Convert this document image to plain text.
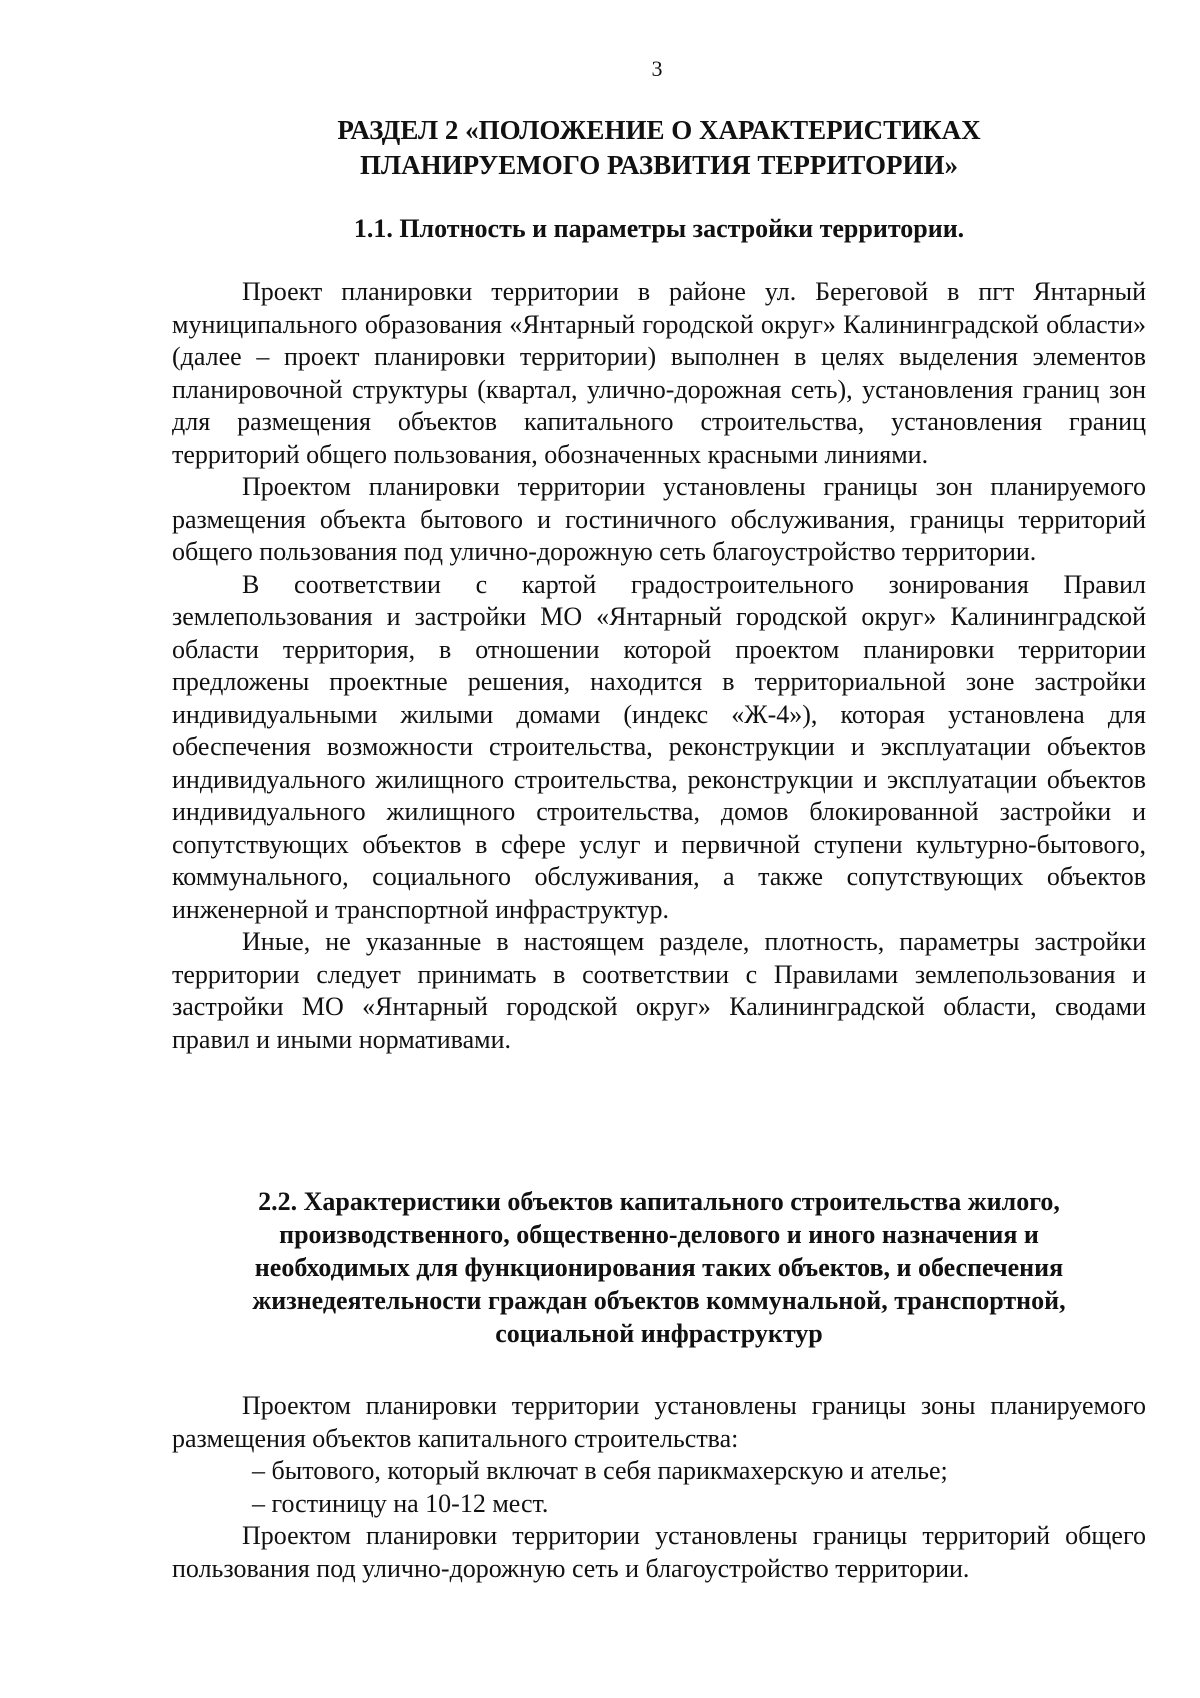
3
РАЗДЕЛ 2 «ПОЛОЖЕНИЕ О ХАРАКТЕРИСТИКАХ
ПЛАНИРУЕМОГО РАЗВИТИЯ ТЕРРИТОРИИ»
1.1. Плотность и параметры застройки территории.

Проект планировки территории в районе ул. Береговой в пгт Янтарный муниципального образования «Янтарный городской округ» Калининградской области» (далее – проект планировки территории) выполнен в целях выделения элементов планировочной структуры (квартал, улично-дорожная сеть), установления границ зон для размещения объектов капитального строительства, установления границ территорий общего пользования, обозначенных красными линиями.

Проектом планировки территории установлены границы зон планируемого размещения объекта бытового и гостиничного обслуживания, границы территорий общего пользования под улично-дорожную сеть благоустройство территории.

В соответствии с картой градостроительного зонирования Правил землепользования и застройки МО «Янтарный городской округ» Калининградской области территория, в отношении которой проектом планировки территории предложены проектные решения, находится в территориальной зоне застройки индивидуальными жилыми домами (индекс «Ж-4»), которая установлена для обеспечения возможности строительства, реконструкции и эксплуатации объектов индивидуального жилищного строительства, реконструкции и эксплуатации объектов индивидуального жилищного строительства, домов блокированной застройки и сопутствующих объектов в сфере услуг и первичной ступени культурно-бытового, коммунального, социального обслуживания, а также сопутствующих объектов инженерной и транспортной инфраструктур.

Иные, не указанные в настоящем разделе, плотность, параметры застройки территории следует принимать в соответствии с Правилами землепользования и застройки МО «Янтарный городской округ» Калининградской области, сводами правил и иными нормативами.

2.2. Характеристики объектов капитального строительства жилого,
производственного, общественно-делового и иного назначения и
необходимых для функционирования таких объектов, и обеспечения
жизнедеятельности граждан объектов коммунальной, транспортной,
социальной инфраструктур

Проектом планировки территории установлены границы зоны планируемого размещения объектов капитального строительства:

– бытового, который включат в себя парикмахерскую и ателье;

– гостиницу на 10-12 мест.

Проектом планировки территории установлены границы территорий общего пользования под улично-дорожную сеть и благоустройство территории.
